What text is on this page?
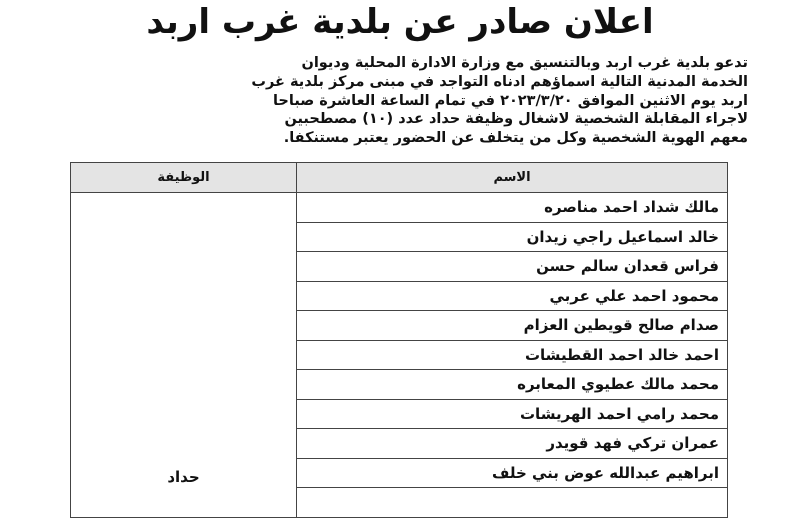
اعلان صادر عن بلدية غرب اربد
تدعو بلدية غرب اربد وبالتنسيق مع وزارة الادارة المحلية وديوان
الخدمة المدنية التالية اسماؤهم ادناه التواجد في مبنى مركز بلدية غرب
اربد يوم الاثنين الموافق ٢٠٢٣/٣/٢٠ في تمام الساعة العاشرة صباحا
لاجراء المقابلة الشخصية لاشغال وظيفة حداد عدد (١٠) مصطحبين
معهم الهوية الشخصية وكل من يتخلف عن الحضور يعتبر مستنكفا.
الاسم	الوظيفة
مالك شداد احمد مناصره	حداد
خالد اسماعيل راجي زيدان	
فراس قعدان سالم حسن	
محمود احمد علي عربي	
صدام صالح قويطين العزام	
احمد خالد احمد القطيشات	
محمد مالك عطيوي المعابره	
محمد رامي احمد الهريشات	
عمران تركي فهد قويدر	
ابراهيم عبدالله عوض بني خلف	
